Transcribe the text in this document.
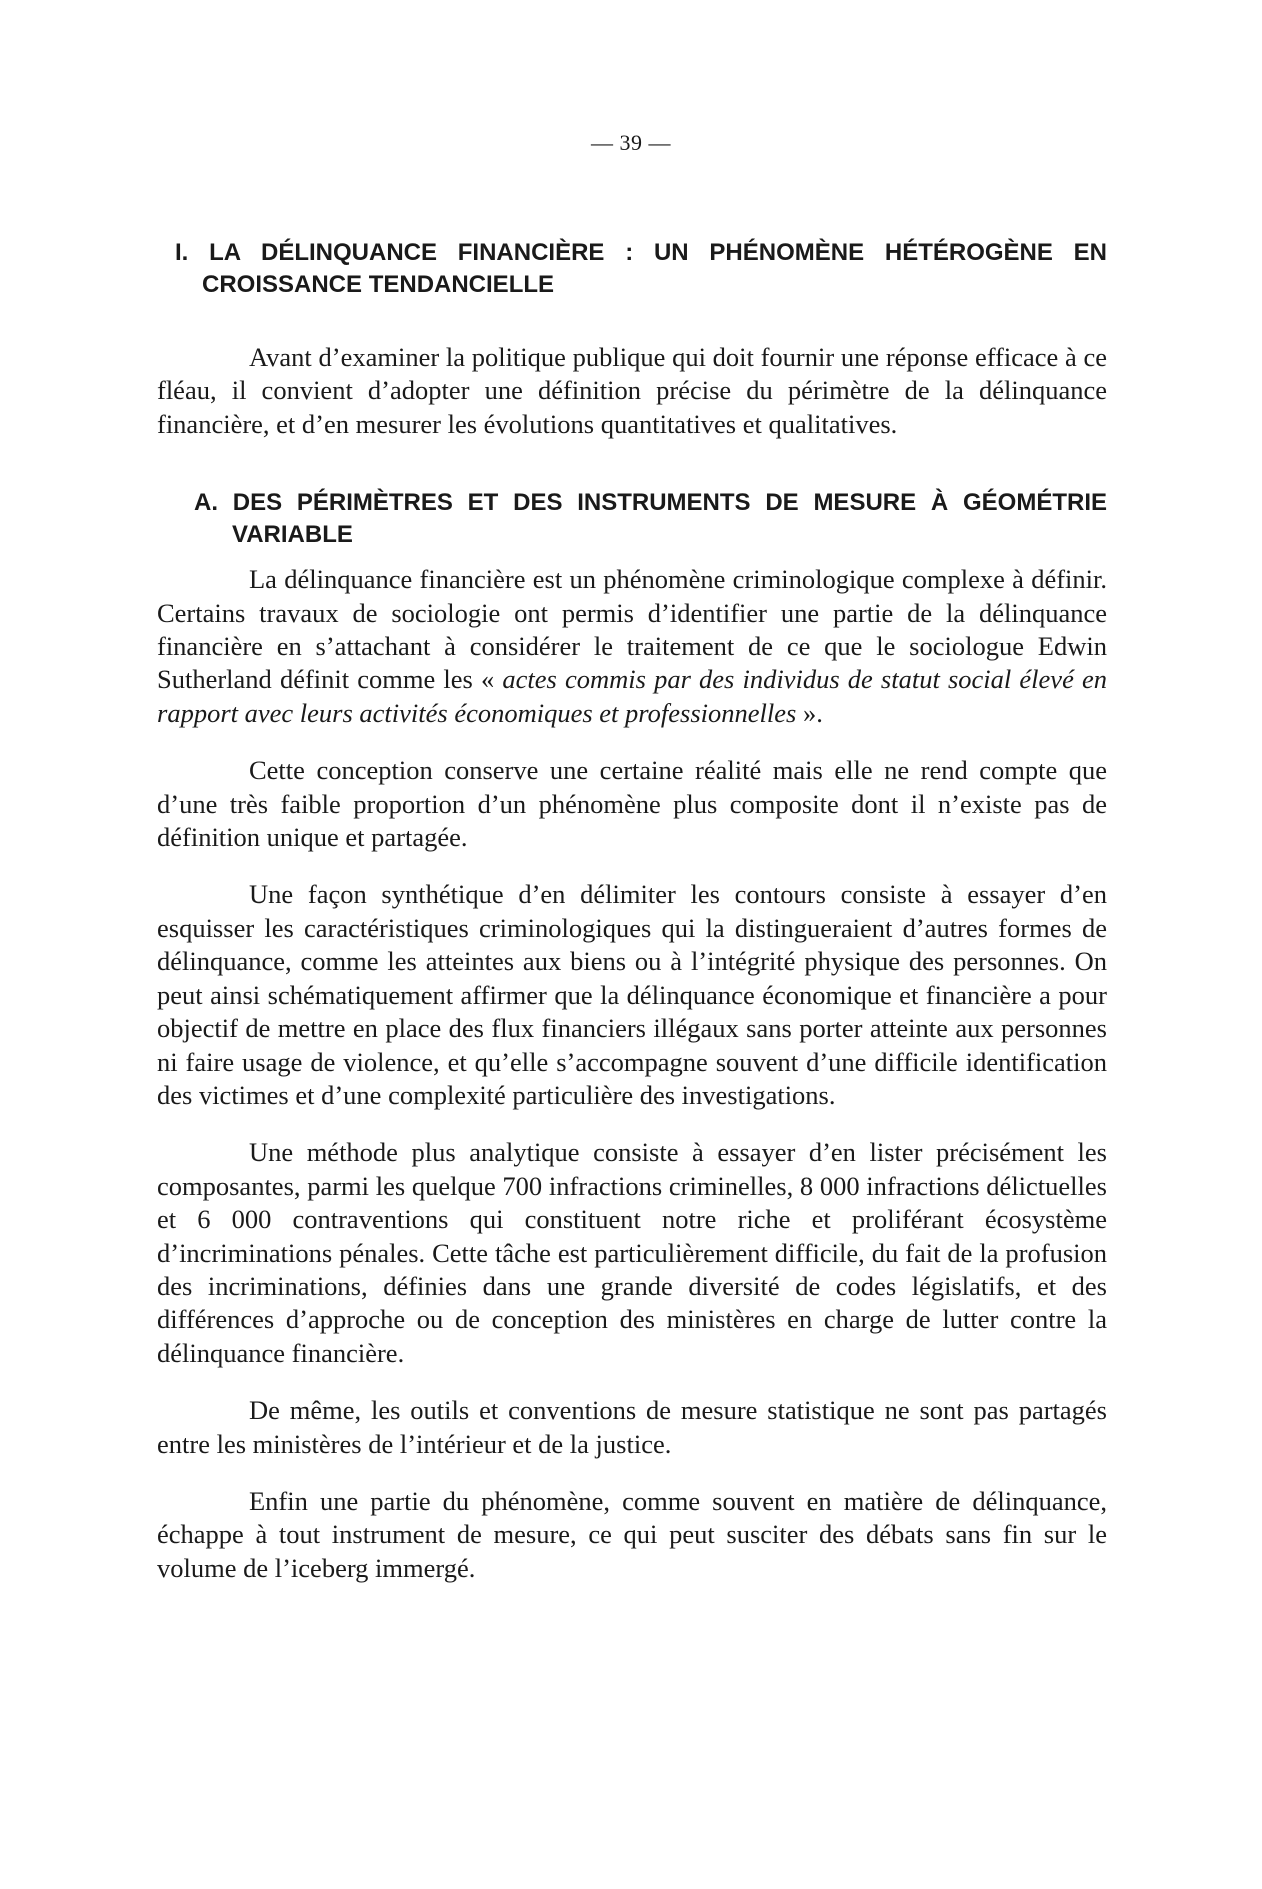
— 39 —
I. LA DÉLINQUANCE FINANCIÈRE : UN PHÉNOMÈNE HÉTÉROGÈNE EN CROISSANCE TENDANCIELLE

Avant d’examiner la politique publique qui doit fournir une réponse efficace à ce fléau, il convient d’adopter une définition précise du périmètre de la délinquance financière, et d’en mesurer les évolutions quantitatives et qualitatives.

A. DES PÉRIMÈTRES ET DES INSTRUMENTS DE MESURE À GÉOMÉTRIE VARIABLE

La délinquance financière est un phénomène criminologique complexe à définir. Certains travaux de sociologie ont permis d’identifier une partie de la délinquance financière en s’attachant à considérer le traitement de ce que le sociologue Edwin Sutherland définit comme les « actes commis par des individus de statut social élevé en rapport avec leurs activités économiques et professionnelles ».

Cette conception conserve une certaine réalité mais elle ne rend compte que d’une très faible proportion d’un phénomène plus composite dont il n’existe pas de définition unique et partagée.

Une façon synthétique d’en délimiter les contours consiste à essayer d’en esquisser les caractéristiques criminologiques qui la distingueraient d’autres formes de délinquance, comme les atteintes aux biens ou à l’intégrité physique des personnes. On peut ainsi schématiquement affirmer que la délinquance économique et financière a pour objectif de mettre en place des flux financiers illégaux sans porter atteinte aux personnes ni faire usage de violence, et qu’elle s’accompagne souvent d’une difficile identification des victimes et d’une complexité particulière des investigations.

Une méthode plus analytique consiste à essayer d’en lister précisément les composantes, parmi les quelque 700 infractions criminelles, 8 000 infractions délictuelles et 6 000 contraventions qui constituent notre riche et proliférant écosystème d’incriminations pénales. Cette tâche est particulièrement difficile, du fait de la profusion des incriminations, définies dans une grande diversité de codes législatifs, et des différences d’approche ou de conception des ministères en charge de lutter contre la délinquance financière.

De même, les outils et conventions de mesure statistique ne sont pas partagés entre les ministères de l’intérieur et de la justice.

Enfin une partie du phénomène, comme souvent en matière de délinquance, échappe à tout instrument de mesure, ce qui peut susciter des débats sans fin sur le volume de l’iceberg immergé.
